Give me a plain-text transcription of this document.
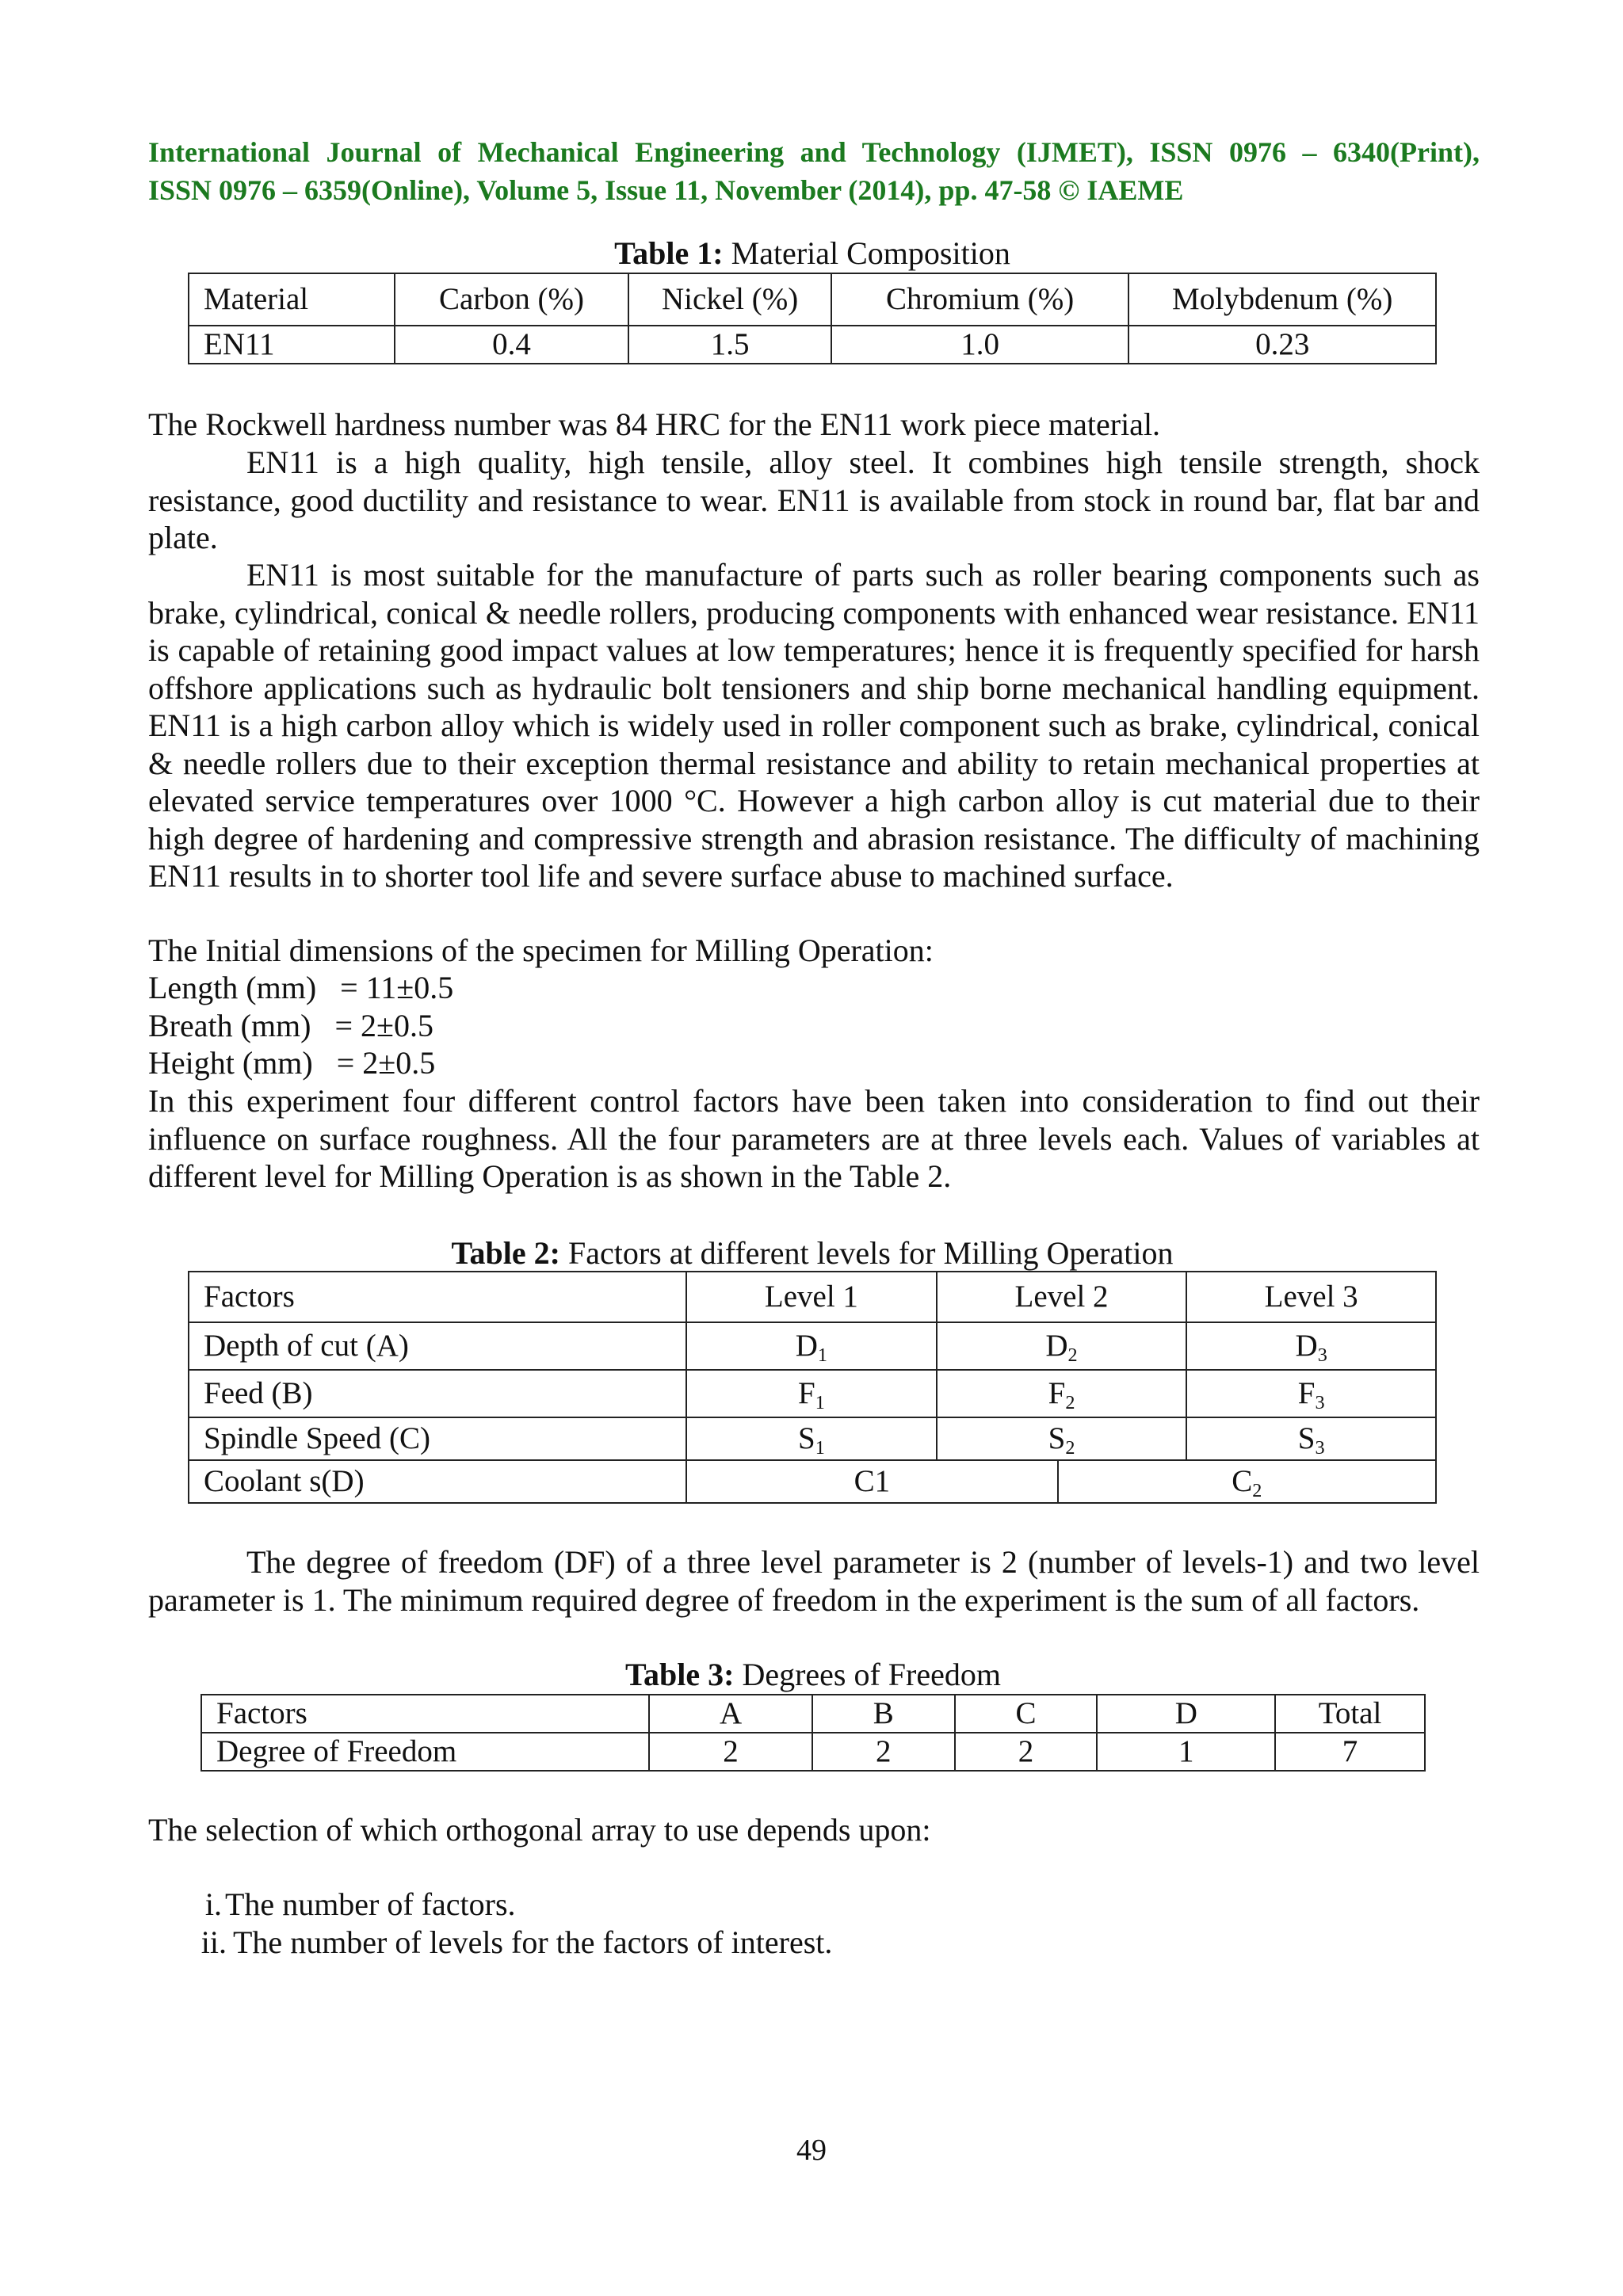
International Journal of Mechanical Engineering and Technology (IJMET), ISSN 0976 – 6340(Print),
ISSN 0976 – 6359(Online), Volume 5, Issue 11, November (2014), pp. 47-58 © IAEME
Table 1: Material Composition
Material	Carbon (%)	Nickel (%)	Chromium (%)	Molybdenum (%)
EN11	0.4	1.5	1.0	0.23
The Rockwell hardness number was 84 HRC for the EN11 work piece material.
EN11 is a high quality, high tensile, alloy steel. It combines high tensile strength, shock resistance, good ductility and resistance to wear. EN11 is available from stock in round bar, flat bar and plate.
EN11 is most suitable for the manufacture of parts such as roller bearing components such as brake, cylindrical, conical & needle rollers, producing components with enhanced wear resistance. EN11 is capable of retaining good impact values at low temperatures; hence it is frequently specified for harsh offshore applications such as hydraulic bolt tensioners and ship borne mechanical handling equipment. EN11 is a high carbon alloy which is widely used in roller component such as brake, cylindrical, conical & needle rollers due to their exception thermal resistance and ability to retain mechanical properties at elevated service temperatures over 1000 °C. However a high carbon alloy is cut material due to their high degree of hardening and compressive strength and abrasion resistance. The difficulty of machining EN11 results in to shorter tool life and severe surface abuse to machined surface.
The Initial dimensions of the specimen for Milling Operation:
Length (mm)   = 11±0.5
Breath (mm)   = 2±0.5
Height (mm)   = 2±0.5
In this experiment four different control factors have been taken into consideration to find out their influence on surface roughness. All the four parameters are at three levels each. Values of variables at different level for Milling Operation is as shown in the Table 2.
Table 2: Factors at different levels for Milling Operation
Factors	Level 1	Level 2	Level 3
Depth of cut (A)	$D_1$	$D_2$	$D_3$
Feed (B)	$F_1$	$F_2$	$F_3$
Spindle Speed (C)	$S_1$	$S_2$	$S_3$
Coolant s(D)	C1	$C_2$
The degree of freedom (DF) of a three level parameter is 2 (number of levels-1) and two level parameter is 1. The minimum required degree of freedom in the experiment is the sum of all factors.
Table 3: Degrees of Freedom
Factors	A	B	C	D	Total
Degree of Freedom	2	2	2	1	7
The selection of which orthogonal array to use depends upon:
i. The number of factors.
ii. The number of levels for the factors of interest.
49
